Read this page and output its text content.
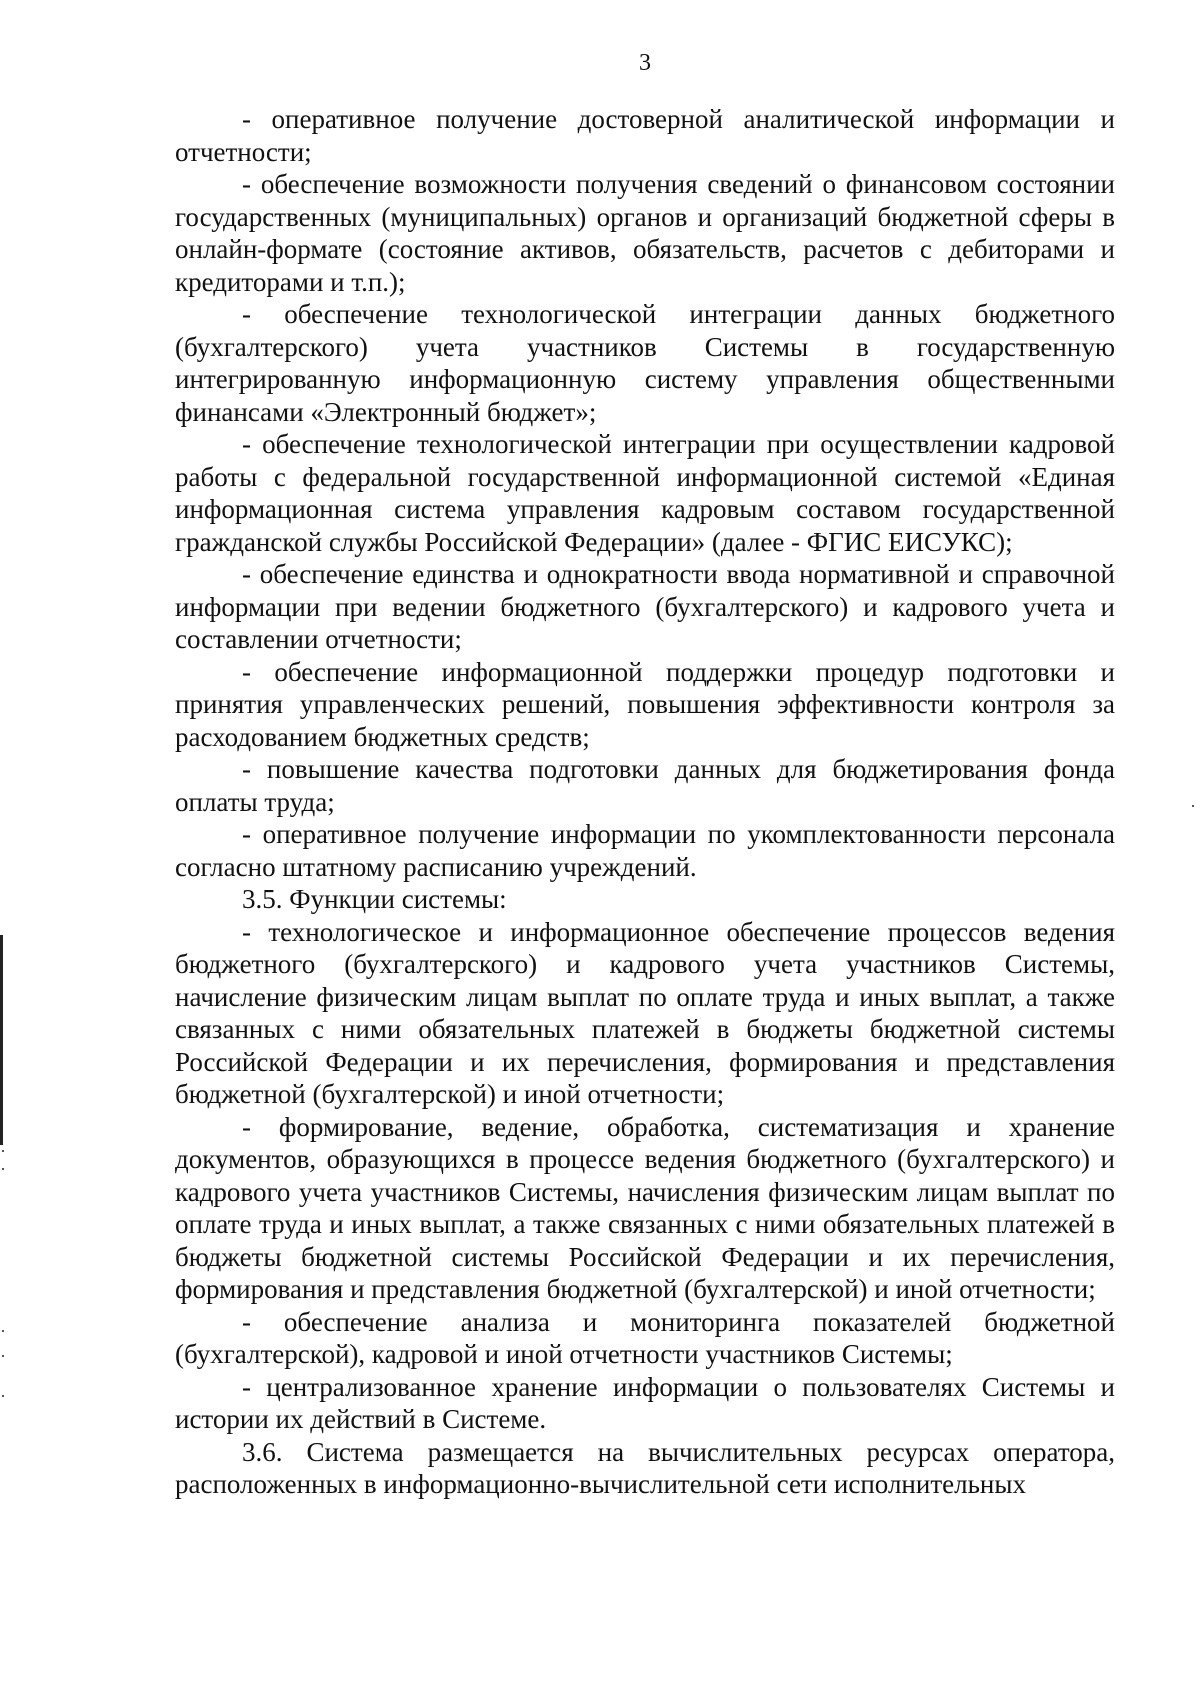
3

- оперативное получение достоверной аналитической информации и отчетности;

- обеспечение возможности получения сведений о финансовом состоянии государственных (муниципальных) органов и организаций бюджетной сферы в онлайн-формате (состояние активов, обязательств, расчетов с дебиторами и кредиторами и т.п.);

- обеспечение технологической интеграции данных бюджетного (бухгалтерского) учета участников Системы в государственную интегрированную информационную систему управления общественными финансами «Электронный бюджет»;

- обеспечение технологической интеграции при осуществлении кадровой работы с федеральной государственной информационной системой «Единая информационная система управления кадровым составом государственной гражданской службы Российской Федерации» (далее - ФГИС ЕИСУКС);

- обеспечение единства и однократности ввода нормативной и справочной информации при ведении бюджетного (бухгалтерского) и кадрового учета и составлении отчетности;

- обеспечение информационной поддержки процедур подготовки и принятия управленческих решений, повышения эффективности контроля за расходованием бюджетных средств;

- повышение качества подготовки данных для бюджетирования фонда оплаты труда;

- оперативное получение информации по укомплектованности персонала согласно штатному расписанию учреждений.

3.5. Функции системы:

- технологическое и информационное обеспечение процессов ведения бюджетного (бухгалтерского) и кадрового учета участников Системы, начисление физическим лицам выплат по оплате труда и иных выплат, а также связанных с ними обязательных платежей в бюджеты бюджетной системы Российской Федерации и их перечисления, формирования и представления бюджетной (бухгалтерской) и иной отчетности;

- формирование, ведение, обработка, систематизация и хранение документов, образующихся в процессе ведения бюджетного (бухгалтерского) и кадрового учета участников Системы, начисления физическим лицам выплат по оплате труда и иных выплат, а также связанных с ними обязательных платежей в бюджеты бюджетной системы Российской Федерации и их перечисления, формирования и представления бюджетной (бухгалтерской) и иной отчетности;

- обеспечение анализа и мониторинга показателей бюджетной (бухгалтерской), кадровой и иной отчетности участников Системы;

- централизованное хранение информации о пользователях Системы и истории их действий в Системе.

3.6. Система размещается на вычислительных ресурсах оператора, расположенных в информационно-вычислительной сети исполнительных
